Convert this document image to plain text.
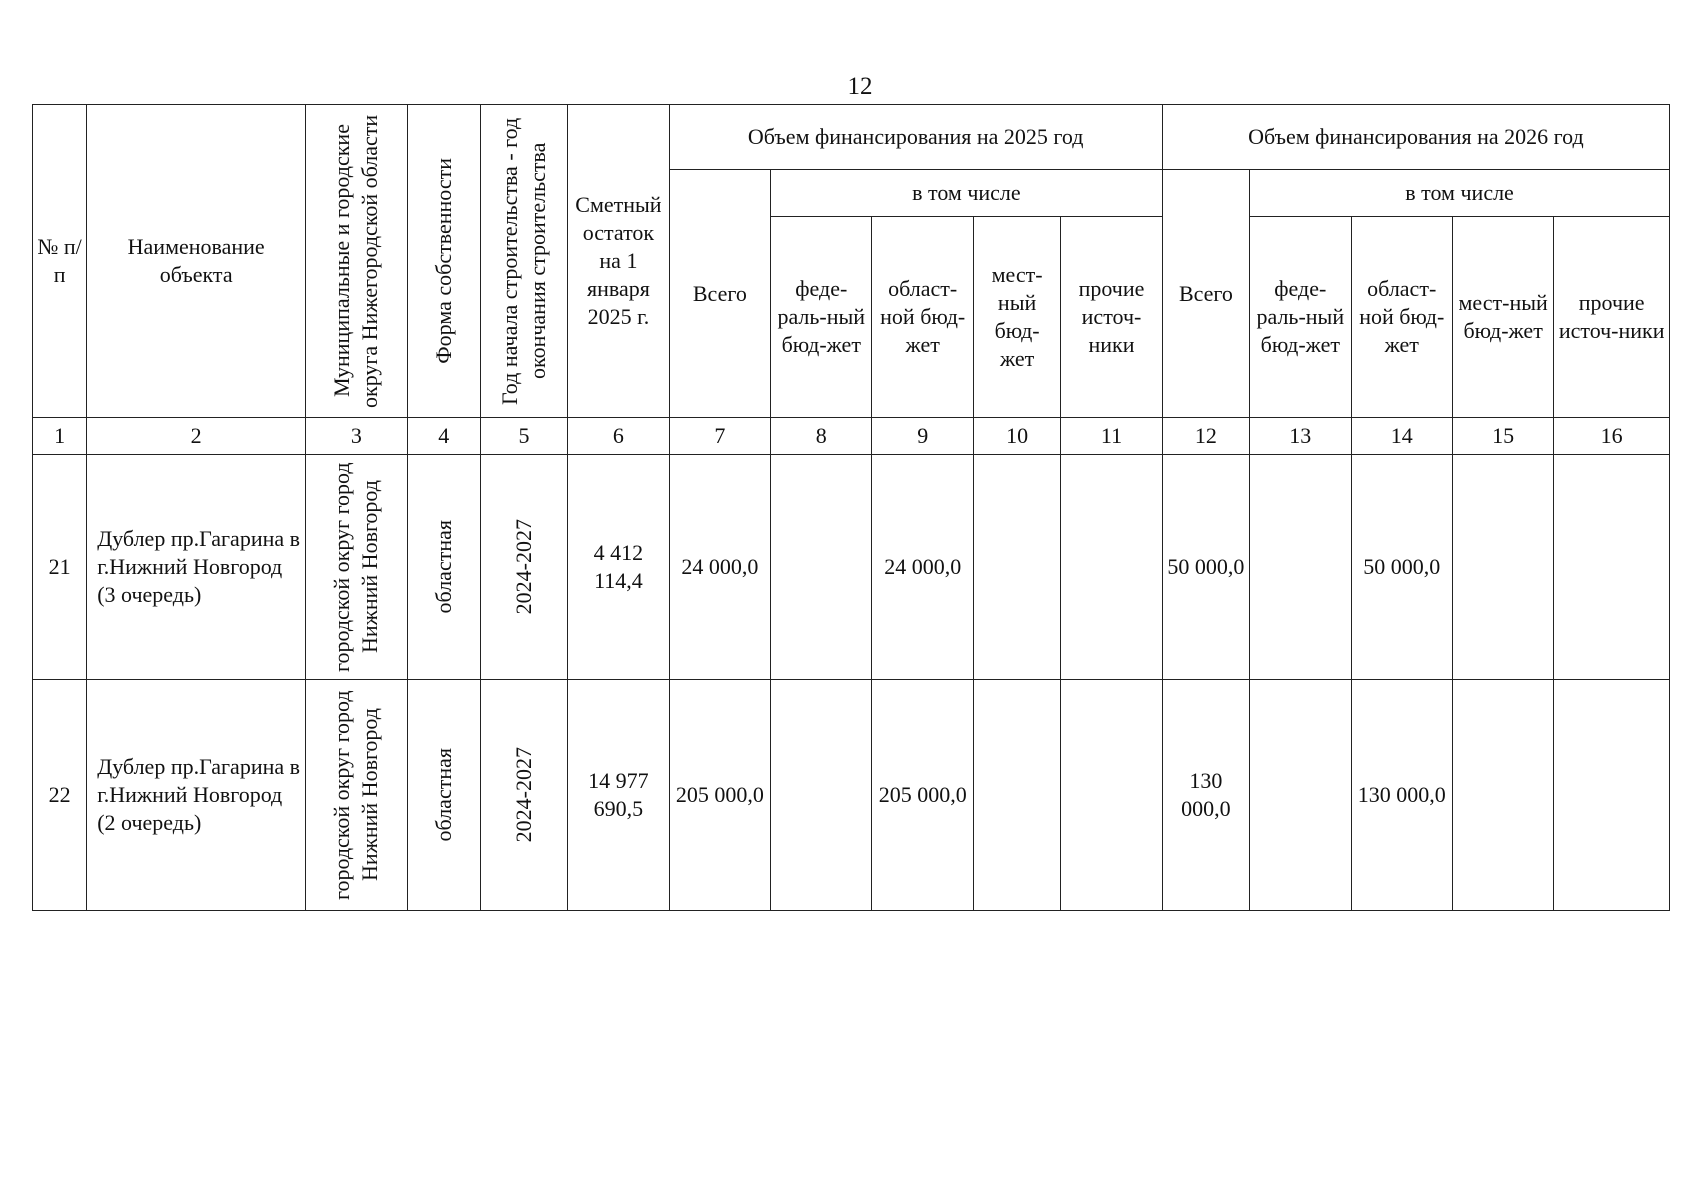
12
№ п/п	Наименование объекта	Муниципальные и городские округа Нижегородской области	Форма собственности	Год начала строительства - год окончания строительства	Сметный остаток на 1 января 2025 г.	Объем финансирования на 2025 год					Объем финансирования на 2026 год				
						Всего	в том числе				Всего	в том числе			
							феде-раль-ный бюд-жет	област-ной бюд-жет	мест-ный бюд-жет	прочие источ-ники		феде-раль-ный бюд-жет	област-ной бюд-жет	мест-ный бюд-жет	прочие источ-ники
1	2	3	4	5	6	7	8	9	10	11	12	13	14	15	16
21	Дублер пр.Гагарина в г.Нижний Новгород (3 очередь)	городской округ город Нижний Новгород	областная	2024-2027	4 412 114,4	24 000,0		24 000,0			50 000,0		50 000,0		
22	Дублер пр.Гагарина в г.Нижний Новгород (2 очередь)	городской округ город Нижний Новгород	областная	2024-2027	14 977 690,5	205 000,0		205 000,0			130 000,0		130 000,0		
